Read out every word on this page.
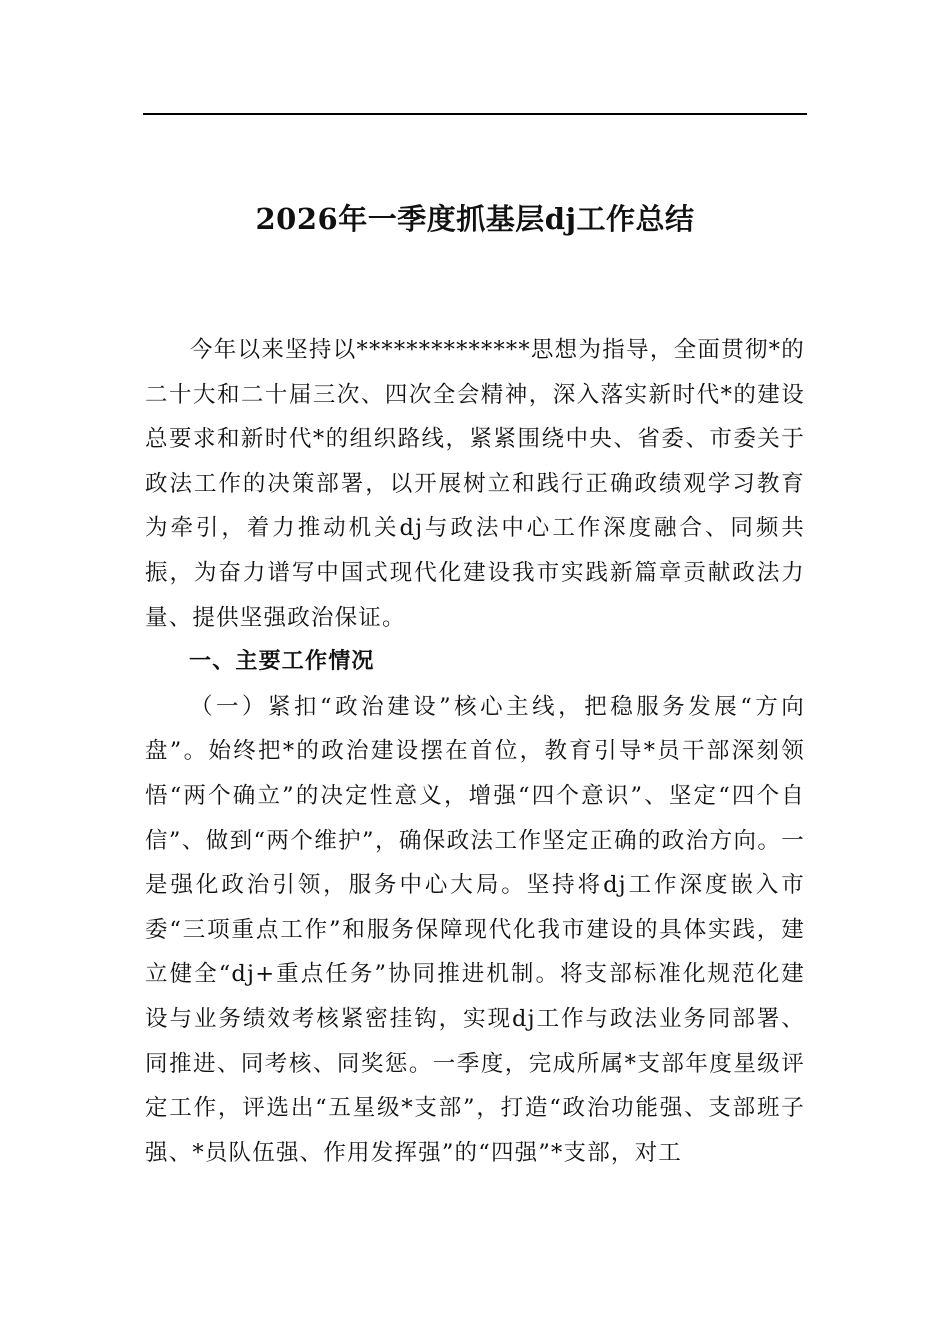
2026年一季度抓基层dj工作总结

今年以来坚持以**************思想为指导，全面贯彻*的二十大和二十届三次、四次全会精神，深入落实新时代*的建设总要求和新时代*的组织路线，紧紧围绕中央、省委、市委关于政法工作的决策部署，以开展树立和践行正确政绩观学习教育为牵引，着力推动机关dj与政法中心工作深度融合、同频共振，为奋力谱写中国式现代化建设我市实践新篇章贡献政法力量、提供坚强政治保证。

一、主要工作情况

（一）紧扣“政治建设”核心主线，把稳服务发展“方向盘”。始终把*的政治建设摆在首位，教育引导*员干部深刻领悟“两个确立”的决定性意义，增强“四个意识”、坚定“四个自信”、做到“两个维护”，确保政法工作坚定正确的政治方向。一是强化政治引领，服务中心大局。坚持将dj工作深度嵌入市委“三项重点工作”和服务保障现代化我市建设的具体实践，建立健全“dj+重点任务”协同推进机制。将支部标准化规范化建设与业务绩效考核紧密挂钩，实现dj工作与政法业务同部署、同推进、同考核、同奖惩。一季度，完成所属*支部年度星级评定工作，评选出“五星级*支部”，打造“政治功能强、支部班子强、*员队伍强、作用发挥强”的“四强”*支部，对工
